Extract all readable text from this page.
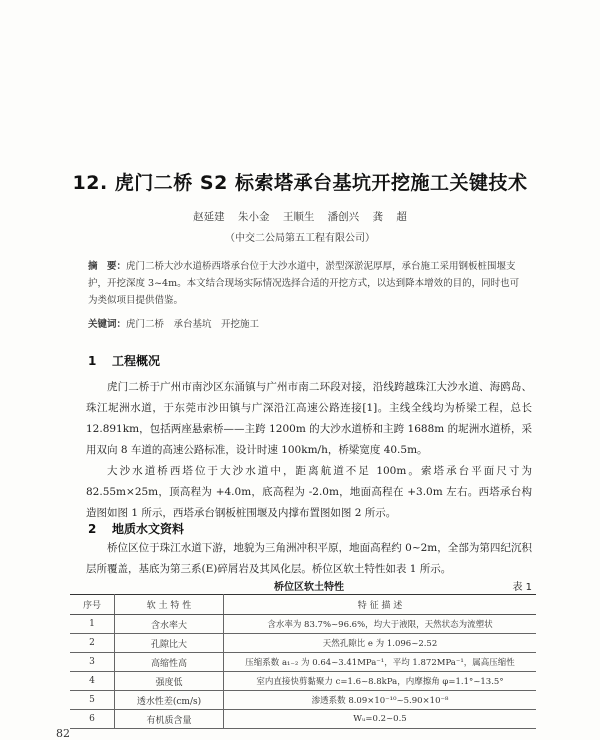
12. 虎门二桥 S2 标索塔承台基坑开挖施工关键技术
赵延建 朱小金 王顺生 潘创兴 龚 超
（中交二公局第五工程有限公司）
摘　要：虎门二桥大沙水道桥西塔承台位于大沙水道中，淤型深淤泥厚厚，承台施工采用钢板桩围堰支护，开挖深度 3~4m。本文结合现场实际情况选择合适的开挖方式，以达到降本增效的目的，同时也可为类似项目提供借鉴。
关键词：虎门二桥　承台基坑　开挖施工
1 工程概况
虎门二桥于广州市南沙区东涌镇与广州市南二环段对接，沿线跨越珠江大沙水道、海鸥岛、珠江坭洲水道，于东莞市沙田镇与广深沿江高速公路连接[1]。主线全线均为桥梁工程，总长 12.891km，包括两座悬索桥——主跨 1200m 的大沙水道桥和主跨 1688m 的坭洲水道桥，采用双向 8 车道的高速公路标准，设计时速 100km/h，桥梁宽度 40.5m。
大沙水道桥西塔位于大沙水道中，距离航道不足 100m。索塔承台平面尺寸为 82.55m×25m，顶高程为 +4.0m，底高程为 -2.0m，地面高程在 +3.0m 左右。西塔承台构造图如图 1 所示，西塔承台钢板桩围堰及内撑布置图如图 2 所示。
2 地质水文资料
桥位区位于珠江水道下游，地貌为三角洲冲积平原，地面高程约 0~2m，全部为第四纪沉积层所覆盖，基底为第三系(E)碎屑岩及其风化层。桥位区软土特性如表 1 所示。
桥位区软土特性	表 1
序号	软 土 特 性	特 征 描 述
1	含水率大	含水率为 83.7%~96.6%，均大于液限，天然状态为流塑状
2	孔隙比大	天然孔隙比 e 为 1.096~2.52
3	高缩性高	压缩系数 a₁₋₂ 为 0.64~3.41MPa⁻¹，平均 1.872MPa⁻¹，属高压缩性
4	强度低	室内直接快剪黏聚力 c=1.6~8.8kPa，内摩擦角 φ=1.1°~13.5°
5	透水性差(cm/s)	渗透系数 8.09×10⁻¹⁰~5.90×10⁻⁸
6	有机质含量	Wᵤ=0.2~0.5
82
